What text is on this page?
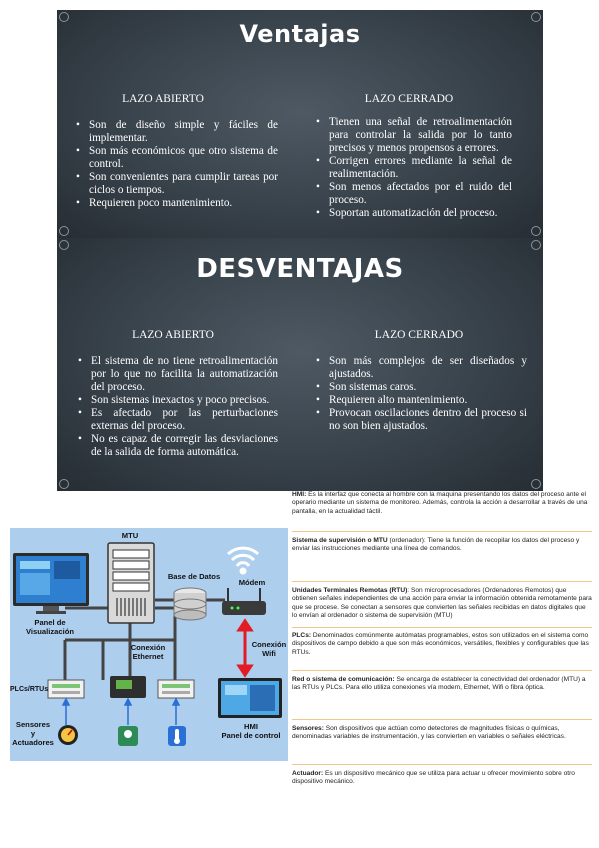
Ventajas
LAZO ABIERTO	LAZO CERRADO
• Son de diseño simple y fáciles de implementar.
• Son más económicos que otro sistema de control.
• Son convenientes para cumplir tareas por ciclos o tiempos.
• Requieren poco mantenimiento.
• Tienen una señal de retroalimentación para controlar la salida por lo tanto precisos y menos propensos a errores.
• Corrigen errores mediante la señal de realimentación.
• Son menos afectados por el ruido del proceso.
• Soportan automatización del proceso.
DESVENTAJAS
LAZO ABIERTO	LAZO CERRADO
• El sistema de no tiene retroalimentación por lo que no facilita la automatización del proceso.
• Son sistemas inexactos y poco precisos.
• Es afectado por las perturbaciones externas del proceso.
• No es capaz de corregir las desviaciones de la salida de forma automática.
• Son más complejos de ser diseñados y ajustados.
• Son sistemas caros.
• Requieren alto mantenimiento.
• Provocan oscilaciones dentro del proceso si no son bien ajustados.
MTU
Base de Datos
Módem
Panel de
Visualización
Conexión
Ethernet
Conexión
Wifi
PLCs/RTUs
Sensores
y
Actuadores
HMI
Panel de control
HMI: Es la interfaz que conecta al hombre con la maquina presentando los datos del proceso ante el operario mediante un sistema de monitoreo. Además, controla la acción a desarrollar a través de una pantalla, en la actualidad táctil.
Sistema de supervisión o MTU (ordenador): Tiene la función de recopilar los datos del proceso y enviar las instrucciones mediante una línea de comandos.
Unidades Terminales Remotas (RTU): Son microprocesadores (Ordenadores Remotos) que obtienen señales independientes de una acción para enviar la información obtenida remotamente para que se procese. Se conectan a sensores que convierten las señales recibidas en datos digitales que lo envían al ordenador o sistema de supervisión (MTU)
PLCs: Denominados comúnmente autómatas programables, estos son utilizados en el sistema como dispositivos de campo debido a que son más económicos, versátiles, flexibles y configurables que las RTUs.
Red o sistema de comunicación: Se encarga de establecer la conectividad del ordenador (MTU) a las RTUs y PLCs. Para ello utiliza conexiones vía modem, Ethernet, Wifi o fibra óptica.
Sensores: Son dispositivos que actúan como detectores de magnitudes físicas o químicas, denominadas variables de instrumentación, y las convierten en variables o señales eléctricas.
Actuador: Es un dispositivo mecánico que se utiliza para actuar u ofrecer movimiento sobre otro dispositivo mecánico.
